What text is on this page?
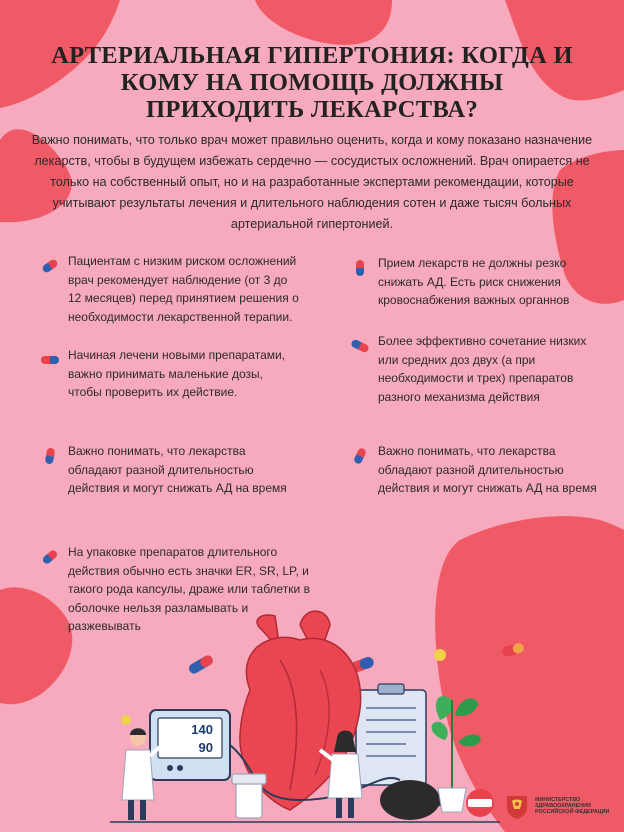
АРТЕРИАЛЬНАЯ ГИПЕРТОНИЯ: КОГДА И КОМУ НА ПОМОЩЬ ДОЛЖНЫ ПРИХОДИТЬ ЛЕКАРСТВА?

Важно понимать, что только врач может правильно оценить, когда и кому показано назначение лекарств, чтобы в будущем избежать сердечно — сосудистых осложнений. Врач опирается не только на собственный опыт, но и на разработанные экспертами рекомендации, которые учитывают результаты лечения и длительного наблюдения сотен и даже тысяч больных артериальной гипертонией.

Пациентам с низким риском осложнений врач рекомендует наблюдение (от 3 до 12 месяцев) перед принятием решения о необходимости лекарственной терапии.
Начиная лечени новыми препаратами, важно принимать маленькие дозы, чтобы проверить их действие.
Важно понимать, что лекарства обладают разной длительностью действия и могут снижать АД на время
На упаковке препаратов длительного действия обычно есть значки ER, SR, LP, и такого рода капсулы, драже или таблетки в оболочке нельзя разламывать и разжевывать
Прием лекарств не должны резко снижать АД. Есть риск снижения кровоснабжения важных органнов
Более эффективно сочетание низких или средних доз двух (а при необходимости и трех) препаратов разного механизма действия
Важно понимать, что лекарства обладают разной длительностью действия и могут снижать АД на время
140
90
МИНИСТЕРСТВО
ЗДРАВООХРАНЕНИЯ
РОССИЙСКОЙ ФЕДЕРАЦИИ
